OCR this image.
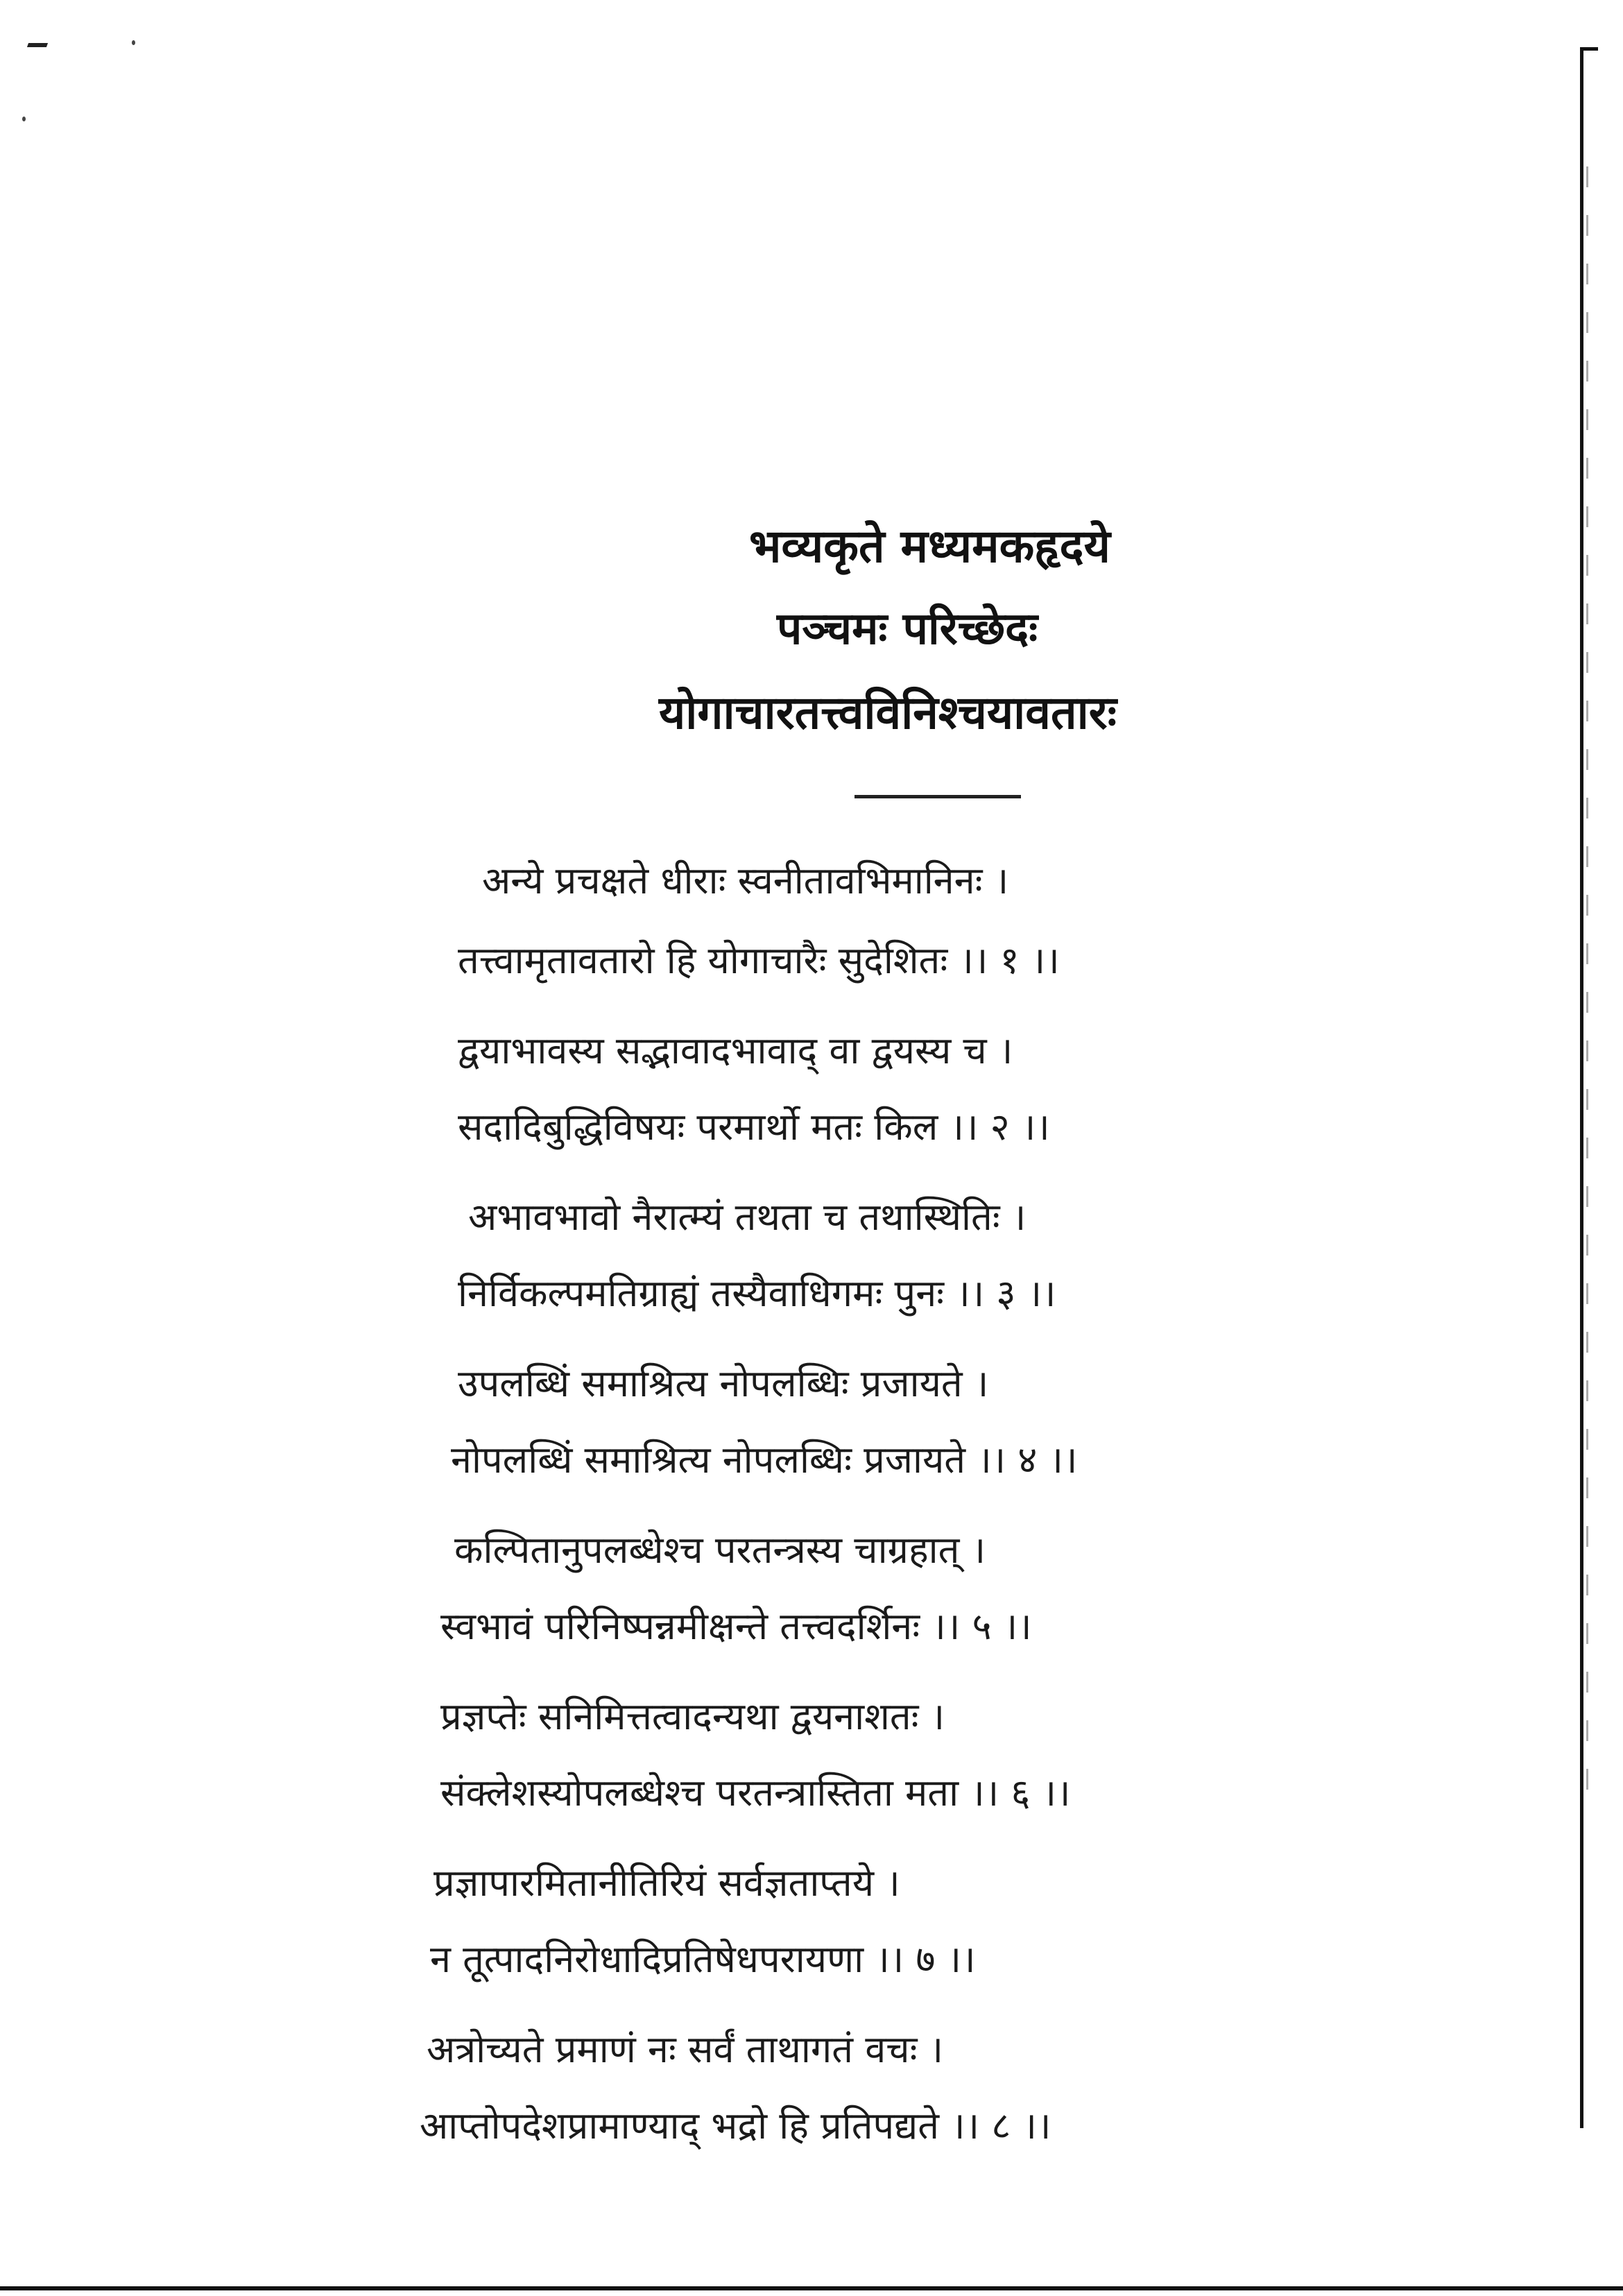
भव्यकृते मध्यमकहृदये
पञ्चमः परिच्छेदः
योगाचारतत्त्वविनिश्चयावतारः
अन्ये प्रचक्षते धीराः स्वनीतावभिमानिनः ।
तत्त्वामृतावतारो हि योगाचारैः सुदेशितः ।। १ ।।
द्वयाभावस्य सद्भावादभावाद् वा द्वयस्य च ।
सदादिबुद्धिविषयः परमार्थो मतः किल ।। २ ।।
अभावभावो नैरात्म्यं तथता च तथास्थितिः ।
निर्विकल्पमतिग्राह्यं तस्यैवाधिगमः पुनः ।। ३ ।।
उपलब्धिं समाश्रित्य नोपलब्धिः प्रजायते ।
नोपलब्धिं समाश्रित्य नोपलब्धिः प्रजायते ।। ४ ।।
कल्पितानुपलब्धेश्च परतन्त्रस्य चाग्रहात् ।
स्वभावं परिनिष्पन्नमीक्षन्ते तत्त्वदर्शिनः ।। ५ ।।
प्रज्ञप्तेः सनिमित्तत्वादन्यथा द्वयनाशतः ।
संक्लेशस्योपलब्धेश्च परतन्त्रास्तिता मता ।। ६ ।।
प्रज्ञापारमितानीतिरियं सर्वज्ञताप्तये ।
न तूत्पादनिरोधादिप्रतिषेधपरायणा ।। ७ ।।
अत्रोच्यते प्रमाणं नः सर्वं ताथागतं वचः ।
आप्तोपदेशप्रामाण्याद् भद्रो हि प्रतिपद्यते ।। ८ ।।
